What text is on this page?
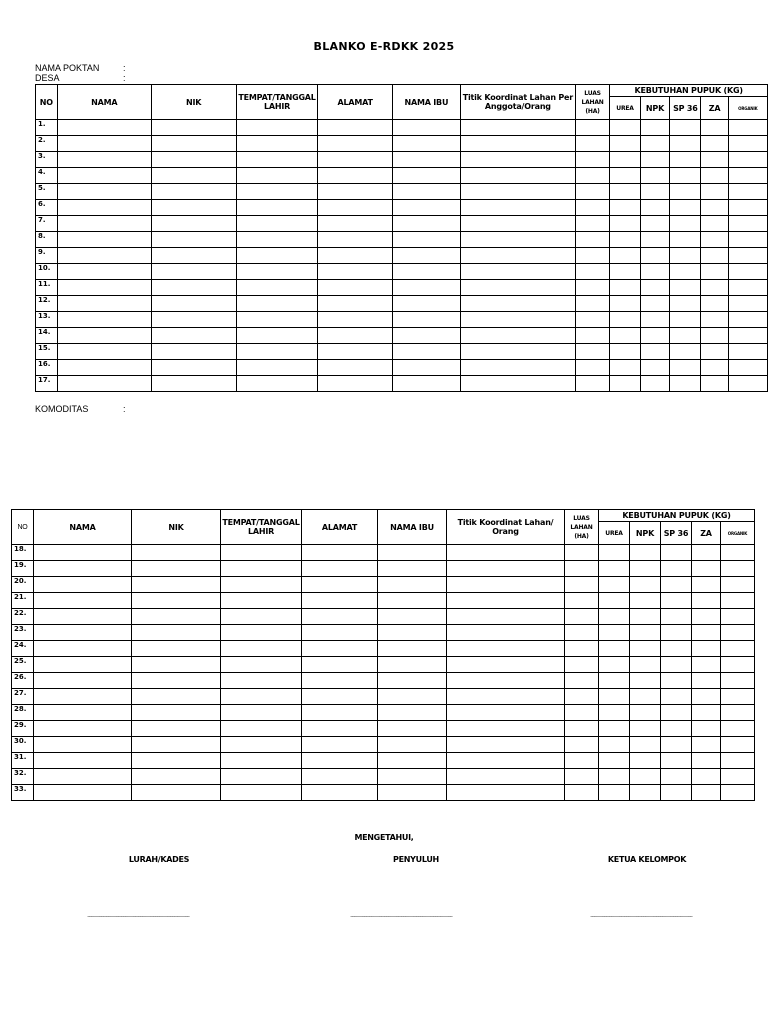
BLANKO E-RDKK 2025
NAMA POKTAN	:
DESA	:
NO	NAMA	NIK	TEMPAT/TANGGAL LAHIR	ALAMAT	NAMA IBU	Titik Koordinat Lahan Per Anggota/Orang	LUAS LAHAN (HA)	KEBUTUHAN PUPUK (KG)				
								UREA	NPK	SP 36	ZA	ORGANIK
1.												
2.												
3.												
4.												
5.												
6.												
7.												
8.												
9.												
10.												
11.												
12.												
13.												
14.												
15.												
16.												
17.												
KOMODITAS	:
NO	NAMA	NIK	TEMPAT/TANGGAL LAHIR	ALAMAT	NAMA IBU	Titik Koordinat Lahan/ Orang	LUAS LAHAN (HA)	KEBUTUHAN PUPUK (KG)				
								UREA	NPK	SP 36	ZA	ORGANIK
18.												
19.												
20.												
21.												
22.												
23.												
24.												
25.												
26.												
27.												
28.												
29.												
30.												
31.												
32.												
33.												
MENGETAHUI,
LURAH/KADES	PENYULUH	KETUA KELOMPOK
............................................................................................................	............................................................................................................	............................................................................................................
